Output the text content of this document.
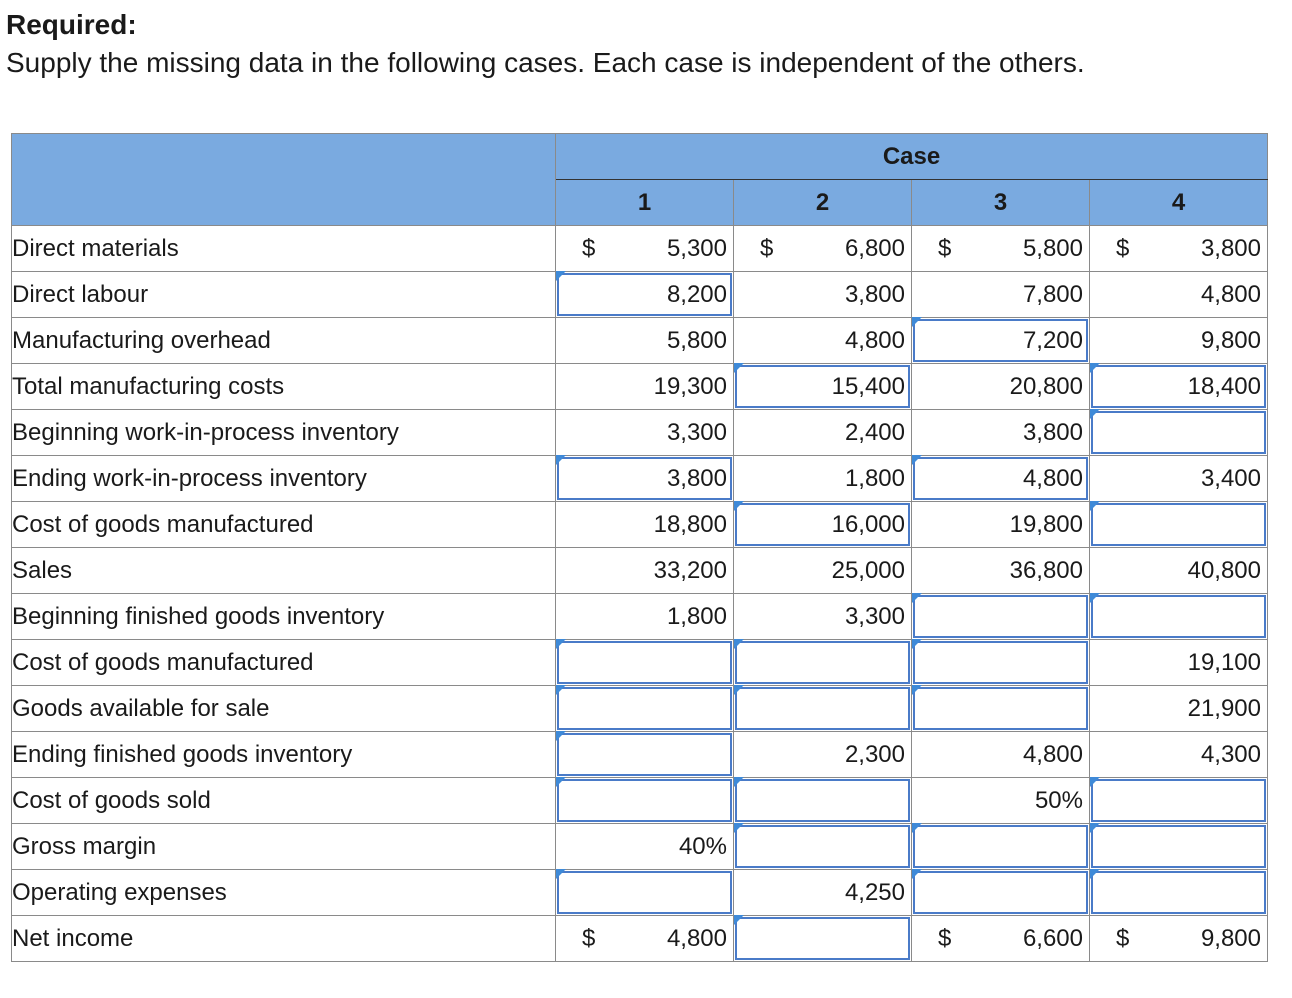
Required:
Supply the missing data in the following cases. Each case is independent of the others.
	Case			
	1	2	3	4
Direct materials	$ 5,300	$ 6,800	$ 5,800	$ 3,800

Direct labour	8,200	3,800	7,800	4,800

Manufacturing overhead	5,800	4,800	7,200	9,800

Total manufacturing costs	19,300	15,400	20,800	18,400

Beginning work-in-process inventory	3,300	2,400	3,800	

Ending work-in-process inventory	3,800	1,800	4,800	3,400

Cost of goods manufactured	18,800	16,000	19,800	

Sales	33,200	25,000	36,800	40,800

Beginning finished goods inventory	1,800	3,300		

Cost of goods manufactured				19,100

Goods available for sale				21,900

Ending finished goods inventory		2,300	4,800	4,300

Cost of goods sold			50%	

Gross margin	40%			

Operating expenses		4,250		

Net income	$ 4,800		$ 6,600	$ 9,800
